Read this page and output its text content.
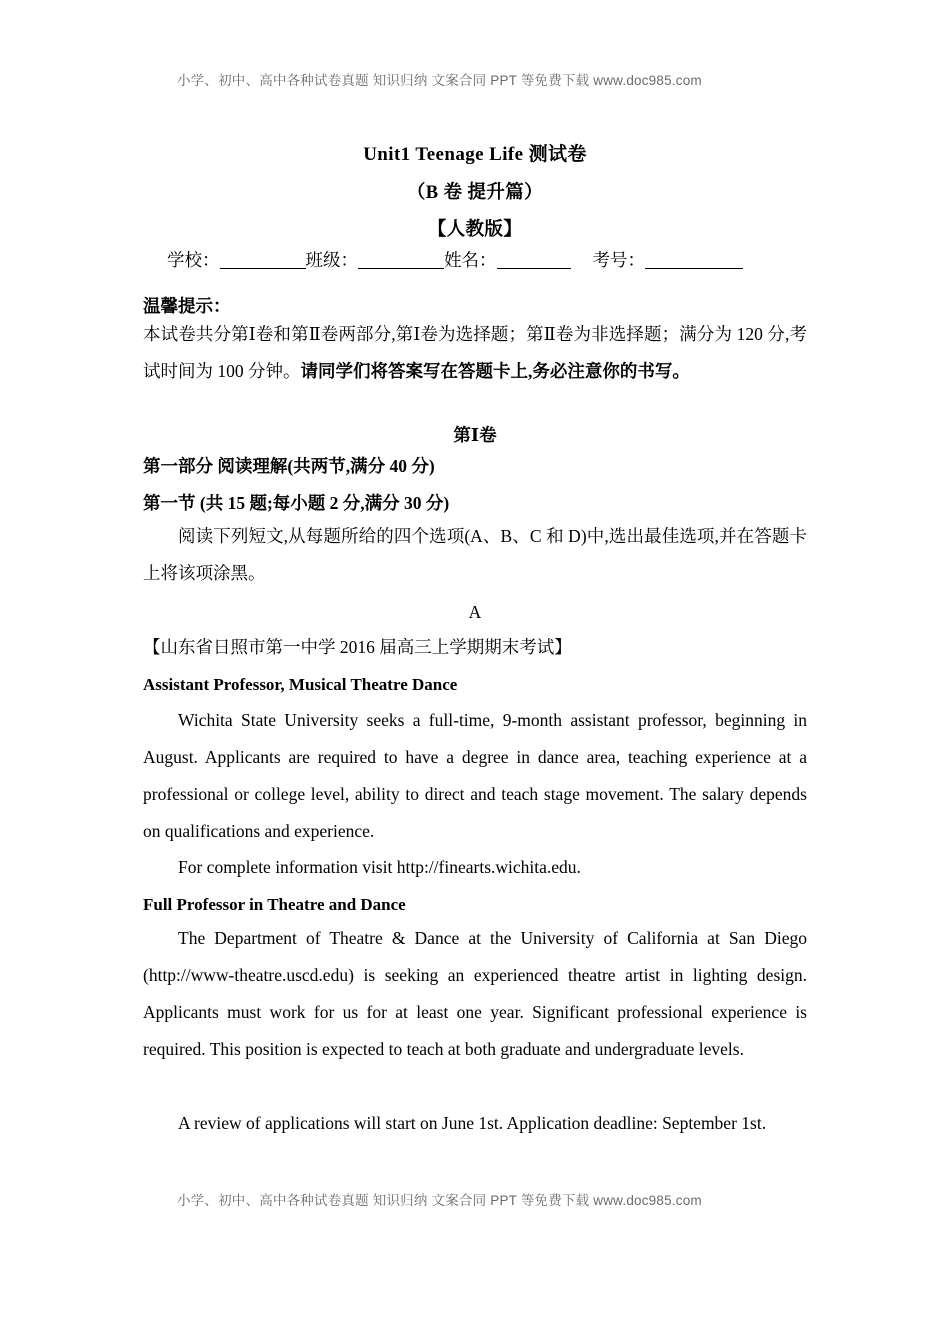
小学、初中、高中各种试卷真题 知识归纳 文案合同 PPT 等免费下载 www.doc985.com
Unit1 Teenage Life 测试卷
（B 卷 提升篇）
【人教版】
学校：	班级：	姓名：	考号：
温馨提示：
本试卷共分第Ⅰ卷和第Ⅱ卷两部分,第Ⅰ卷为选择题；第Ⅱ卷为非选择题；满分为 120 分,考试时间为 100 分钟。请同学们将答案写在答题卡上,务必注意你的书写。
第Ⅰ卷
第一部分 阅读理解(共两节,满分 40 分)
第一节 (共 15 题;每小题 2 分,满分 30 分)
阅读下列短文,从每题所给的四个选项(A、B、C 和 D)中,选出最佳选项,并在答题卡上将该项涂黑。
A
【山东省日照市第一中学 2016 届高三上学期期末考试】
Assistant Professor, Musical Theatre Dance
Wichita State University seeks a full-time, 9-month assistant professor, beginning in August. Applicants are required to have a degree in dance area, teaching experience at a professional or college level, ability to direct and teach stage movement. The salary depends on qualifications and experience.
For complete information visit http://finearts.wichita.edu.
Full Professor in Theatre and Dance
The Department of Theatre & Dance at the University of California at San Diego (http://www-theatre.uscd.edu) is seeking an experienced theatre artist in lighting design. Applicants must work for us for at least one year. Significant professional experience is required. This position is expected to teach at both graduate and undergraduate levels.
A review of applications will start on June 1st. Application deadline: September 1st.
小学、初中、高中各种试卷真题 知识归纳 文案合同 PPT 等免费下载 www.doc985.com
